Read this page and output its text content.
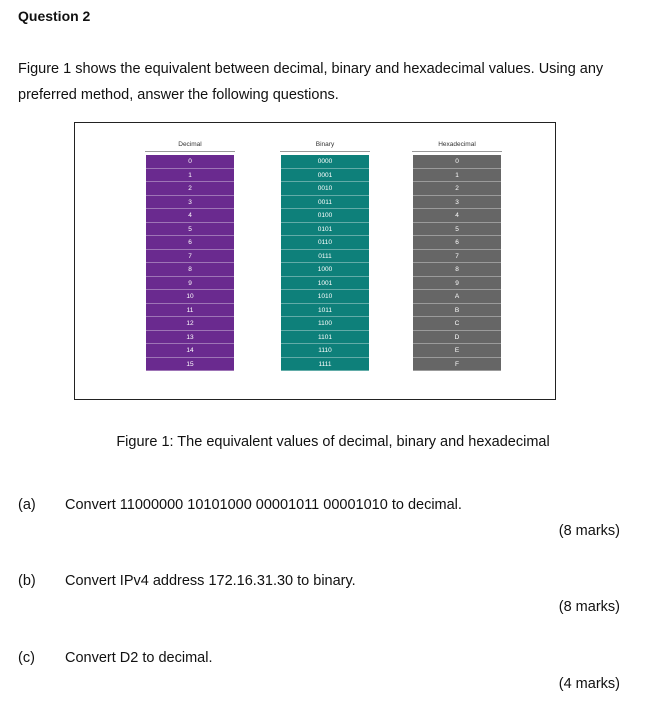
Question 2
Figure 1 shows the equivalent between decimal, binary and hexadecimal values. Using any preferred method, answer the following questions.
Decimal
0
1
2
3
4
5
6
7
8
9
10
11
12
13
14
15
Binary
0000
0001
0010
0011
0100
0101
0110
0111
1000
1001
1010
1011
1100
1101
1110
1111
Hexadecimal
0
1
2
3
4
5
6
7
8
9
A
B
C
D
E
F
Figure 1: The equivalent values of decimal, binary and hexadecimal
(a) Convert 11000000 10101000 00001011 00001010 to decimal.
(8 marks)
(b) Convert IPv4 address 172.16.31.30 to binary.
(8 marks)
(c) Convert D2 to decimal.
(4 marks)
